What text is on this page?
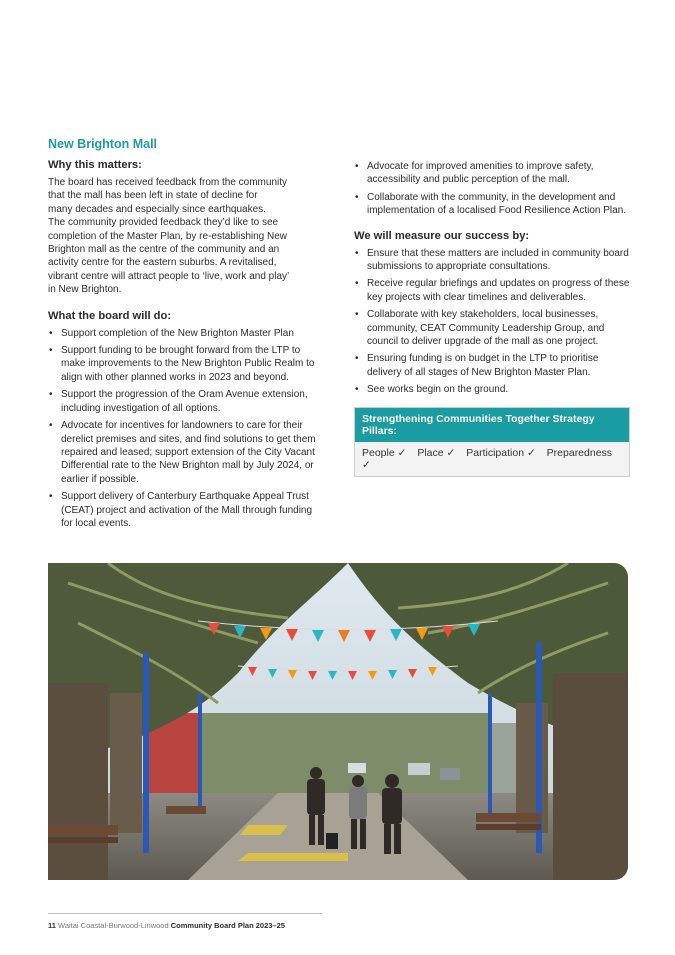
New Brighton Mall
Why this matters:

The board has received feedback from the community
that the mall has been left in state of decline for
many decades and especially since earthquakes.
The community provided feedback they’d like to see
completion of the Master Plan, by re-establishing New
Brighton mall as the centre of the community and an
activity centre for the eastern suburbs. A revitalised,
vibrant centre will attract people to ‘live, work and play’
in New Brighton.

What the board will do:
• Support completion of the New Brighton Master Plan
• Support funding to be brought forward from the LTP to make improvements to the New Brighton Public Realm to align with other planned works in 2023 and beyond.
• Support the progression of the Oram Avenue extension, including investigation of all options.
• Advocate for incentives for landowners to care for their derelict premises and sites, and find solutions to get them repaired and leased; support extension of the City Vacant Differential rate to the New Brighton mall by July 2024, or earlier if possible.
• Support delivery of Canterbury Earthquake Appeal Trust (CEAT) project and activation of the Mall through funding for local events.
• Advocate for improved amenities to improve safety, accessibility and public perception of the mall.
• Collaborate with the community, in the development and implementation of a localised Food Resilience Action Plan.
We will measure our success by:
• Ensure that these matters are included in community board submissions to appropriate consultations.
• Receive regular briefings and updates on progress of these key projects with clear timelines and deliverables.
• Collaborate with key stakeholders, local businesses, community, CEAT Community Leadership Group, and council to deliver upgrade of the mall as one project.
• Ensuring funding is on budget in the LTP to prioritise delivery of all stages of New Brighton Master Plan.
• See works begin on the ground.
Strengthening Communities Together Strategy Pillars:
People ✓ Place ✓ Participation ✓ Preparedness ✓
11 Waitai Coastal-Burwood-Linwood Community Board Plan 2023–25
